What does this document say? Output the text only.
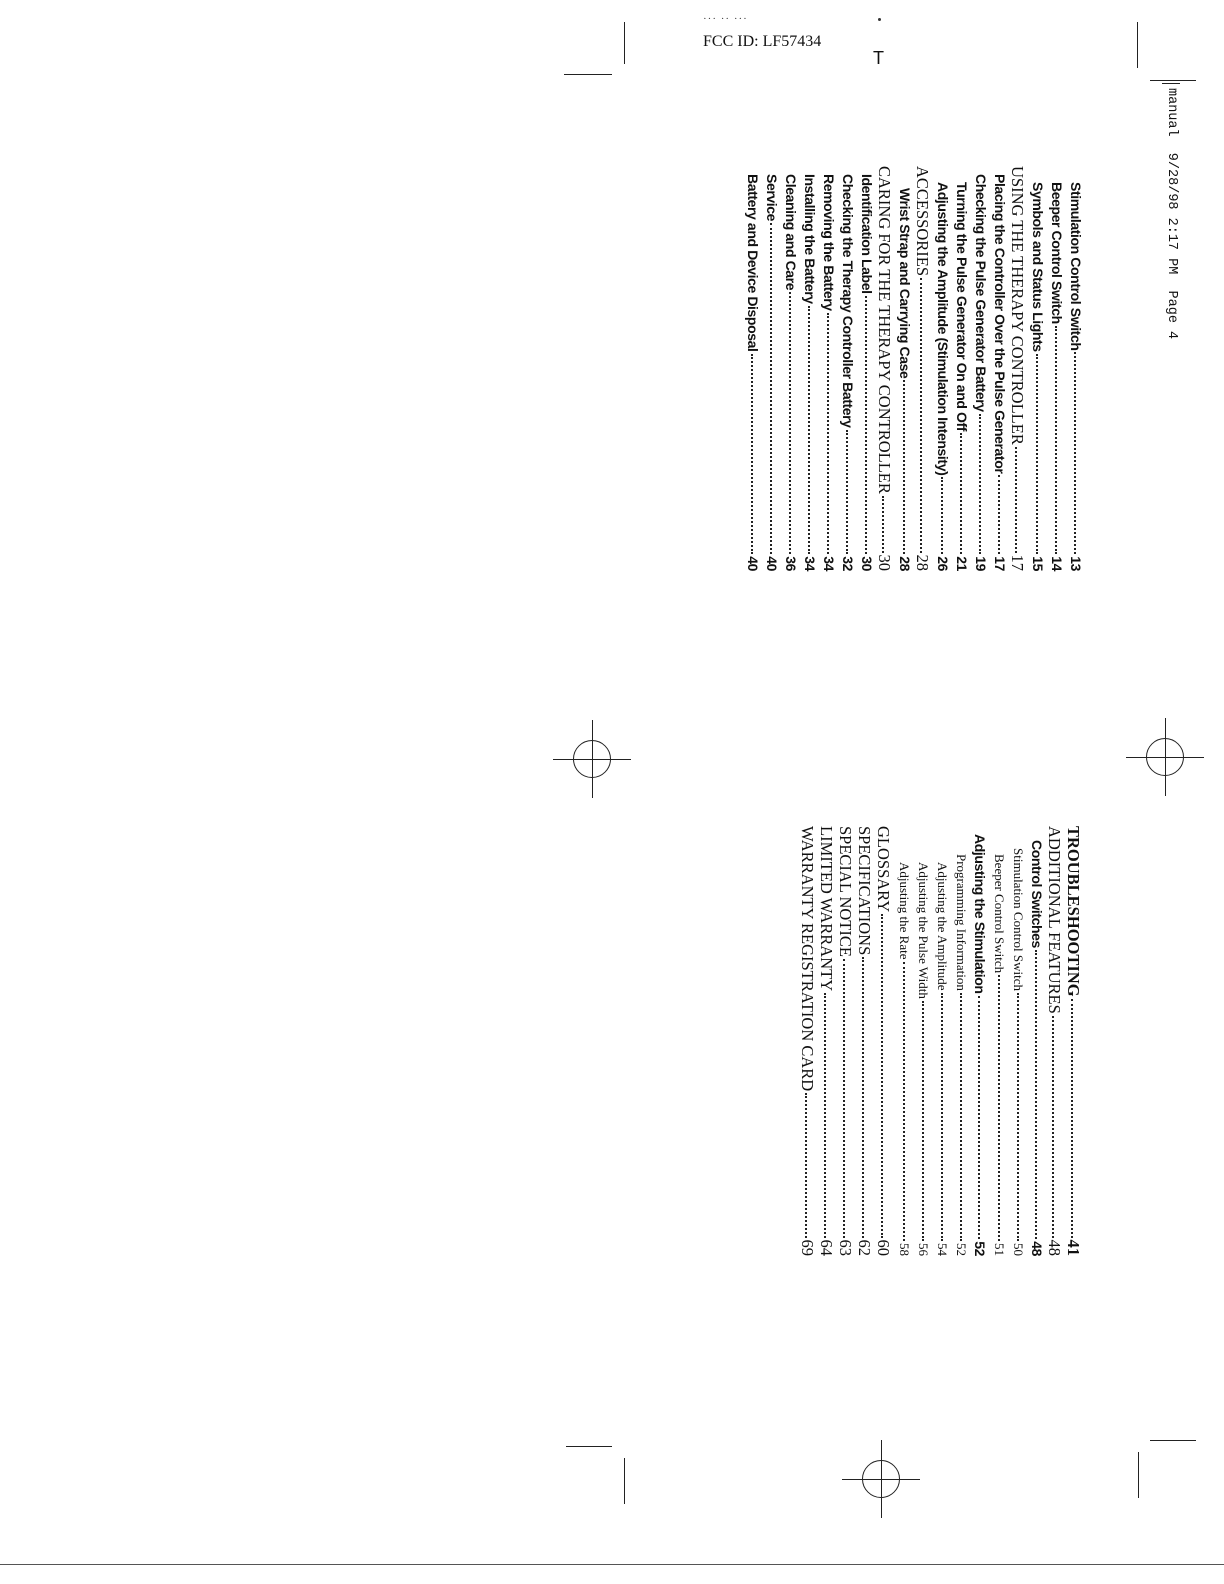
··· ·· ···
FCC ID: LF57434
T
manual  9/28/98 2:17 PM  Page 4
Stimulation Control Switch
13
Beeper Control Switch
14
Symbols and Status Lights
15
USING THE THERAPY CONTROLLER
17
Placing the Controller Over the Pulse Generator
17
Checking the Pulse Generator Battery
19
Turning the Pulse Generator On and Off
21
Adjusting the Amplitude (Stimulation Intensity)
26
ACCESSORIES
28
Wrist Strap and Carrying Case
28
CARING FOR THE THERAPY CONTROLLER
30
Identification Label
30
Checking the Therapy Controller Battery
32
Removing the Battery
34
Installing the Battery
34
Cleaning and Care
36
Service
40
Battery and Device Disposal
40
TROUBLESHOOTING
41
ADDITIONAL FEATURES
48
Control Switches
48
Stimulation Control Switch
50
Beeper Control Switch
51
Adjusting the Stimulation
52
Programming Information
52
Adjusting the Amplitude
54
Adjusting the Pulse Width
56
Adjusting the Rate
58
GLOSSARY
60
SPECIFICATIONS
62
SPECIAL NOTICE
63
LIMITED WARRANTY
64
WARRANTY REGISTRATION CARD
69
